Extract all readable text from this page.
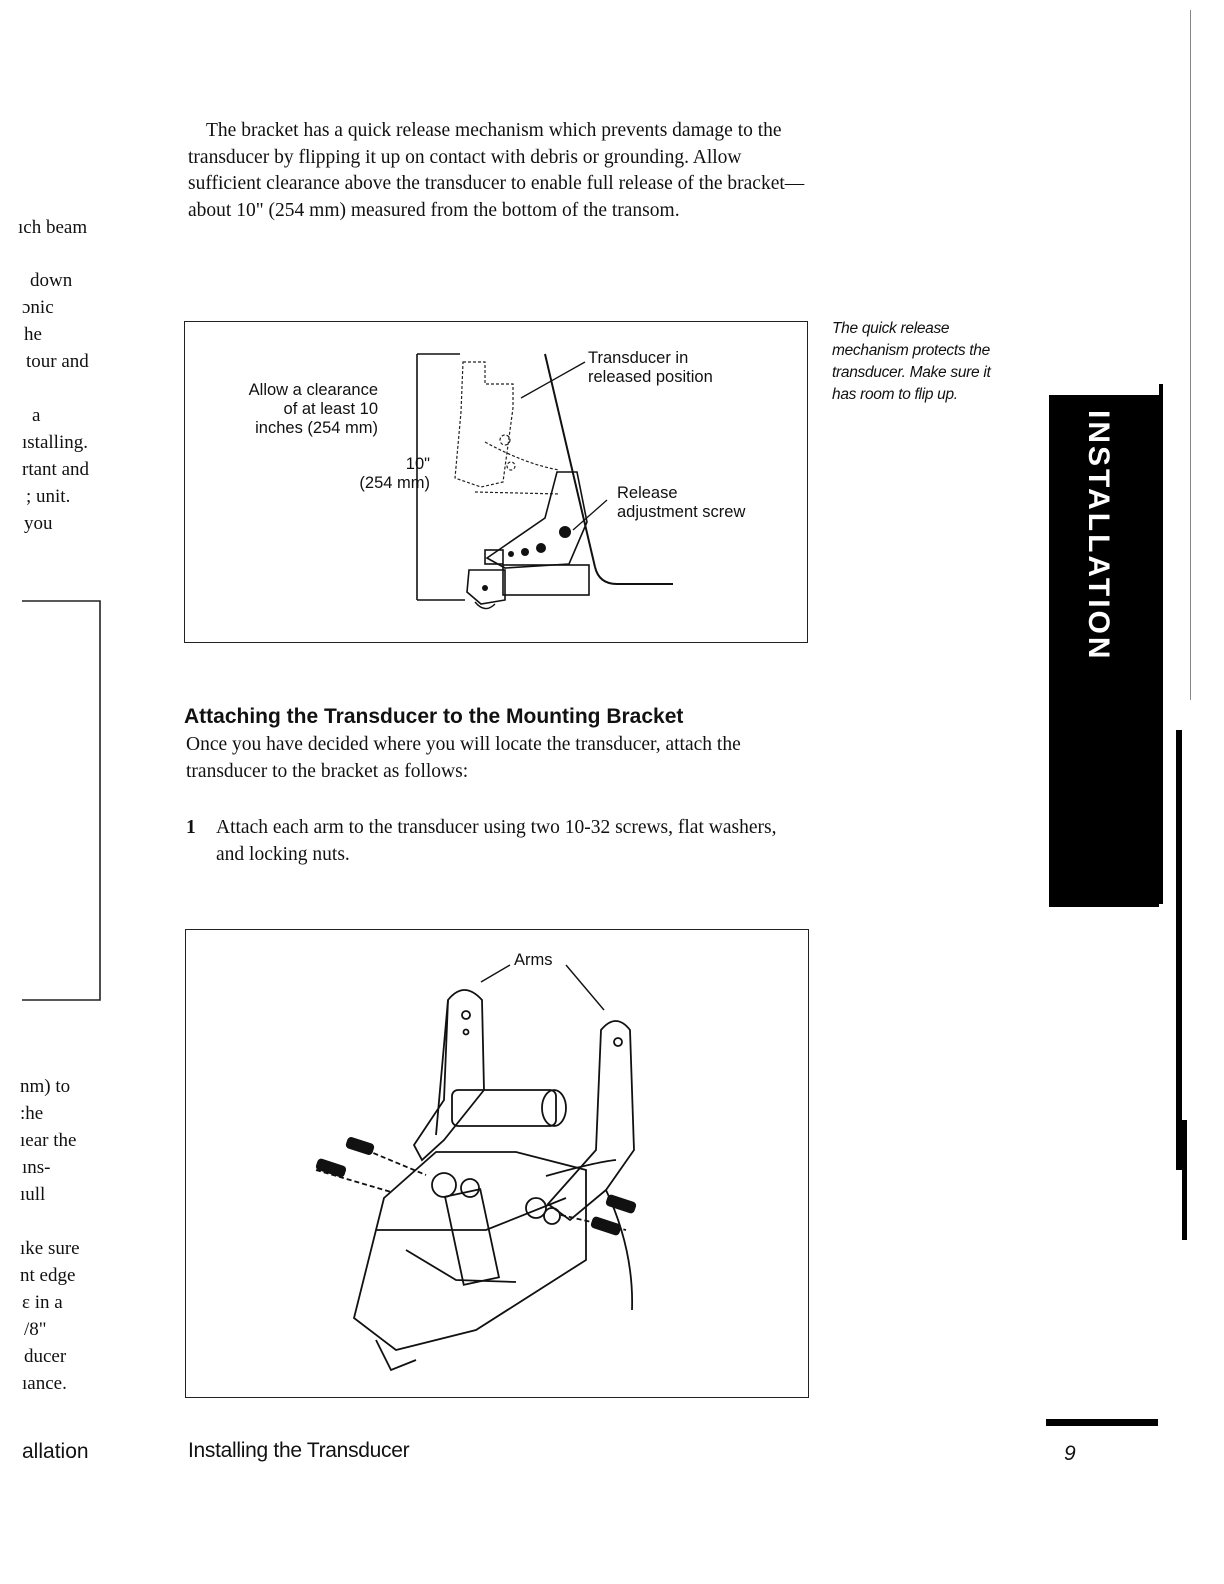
ıch beam
down
ɔnic
he
tour and
a
ıstalling.
rtant and
; unit.
you
nm) to
:he
ıear the
ıns-
ıull
ıke sure
nt edge
ɛ in a
/8"
ducer
ıance.

The bracket has a quick release mechanism which prevents damage to the transducer by flipping it up on contact with debris or grounding. Allow sufficient clearance above the transducer to enable full release of the bracket—about 10" (254 mm) measured from the bottom of the transom.

Allow a clearance
of at least 10
inches (254 mm)
10"
(254 mm)
Transducer in
released position
Release
adjustment screw
The quick release mechanism protects the transducer. Make sure it has room to flip up.
INSTALLATION
Attaching the Transducer to the Mounting Bracket
Once you have decided where you will locate the transducer, attach the transducer to the bracket as follows:
1 Attach each arm to the transducer using two 10-32 screws, flat washers, and locking nuts.
Arms
allation	Installing the Transducer	9
